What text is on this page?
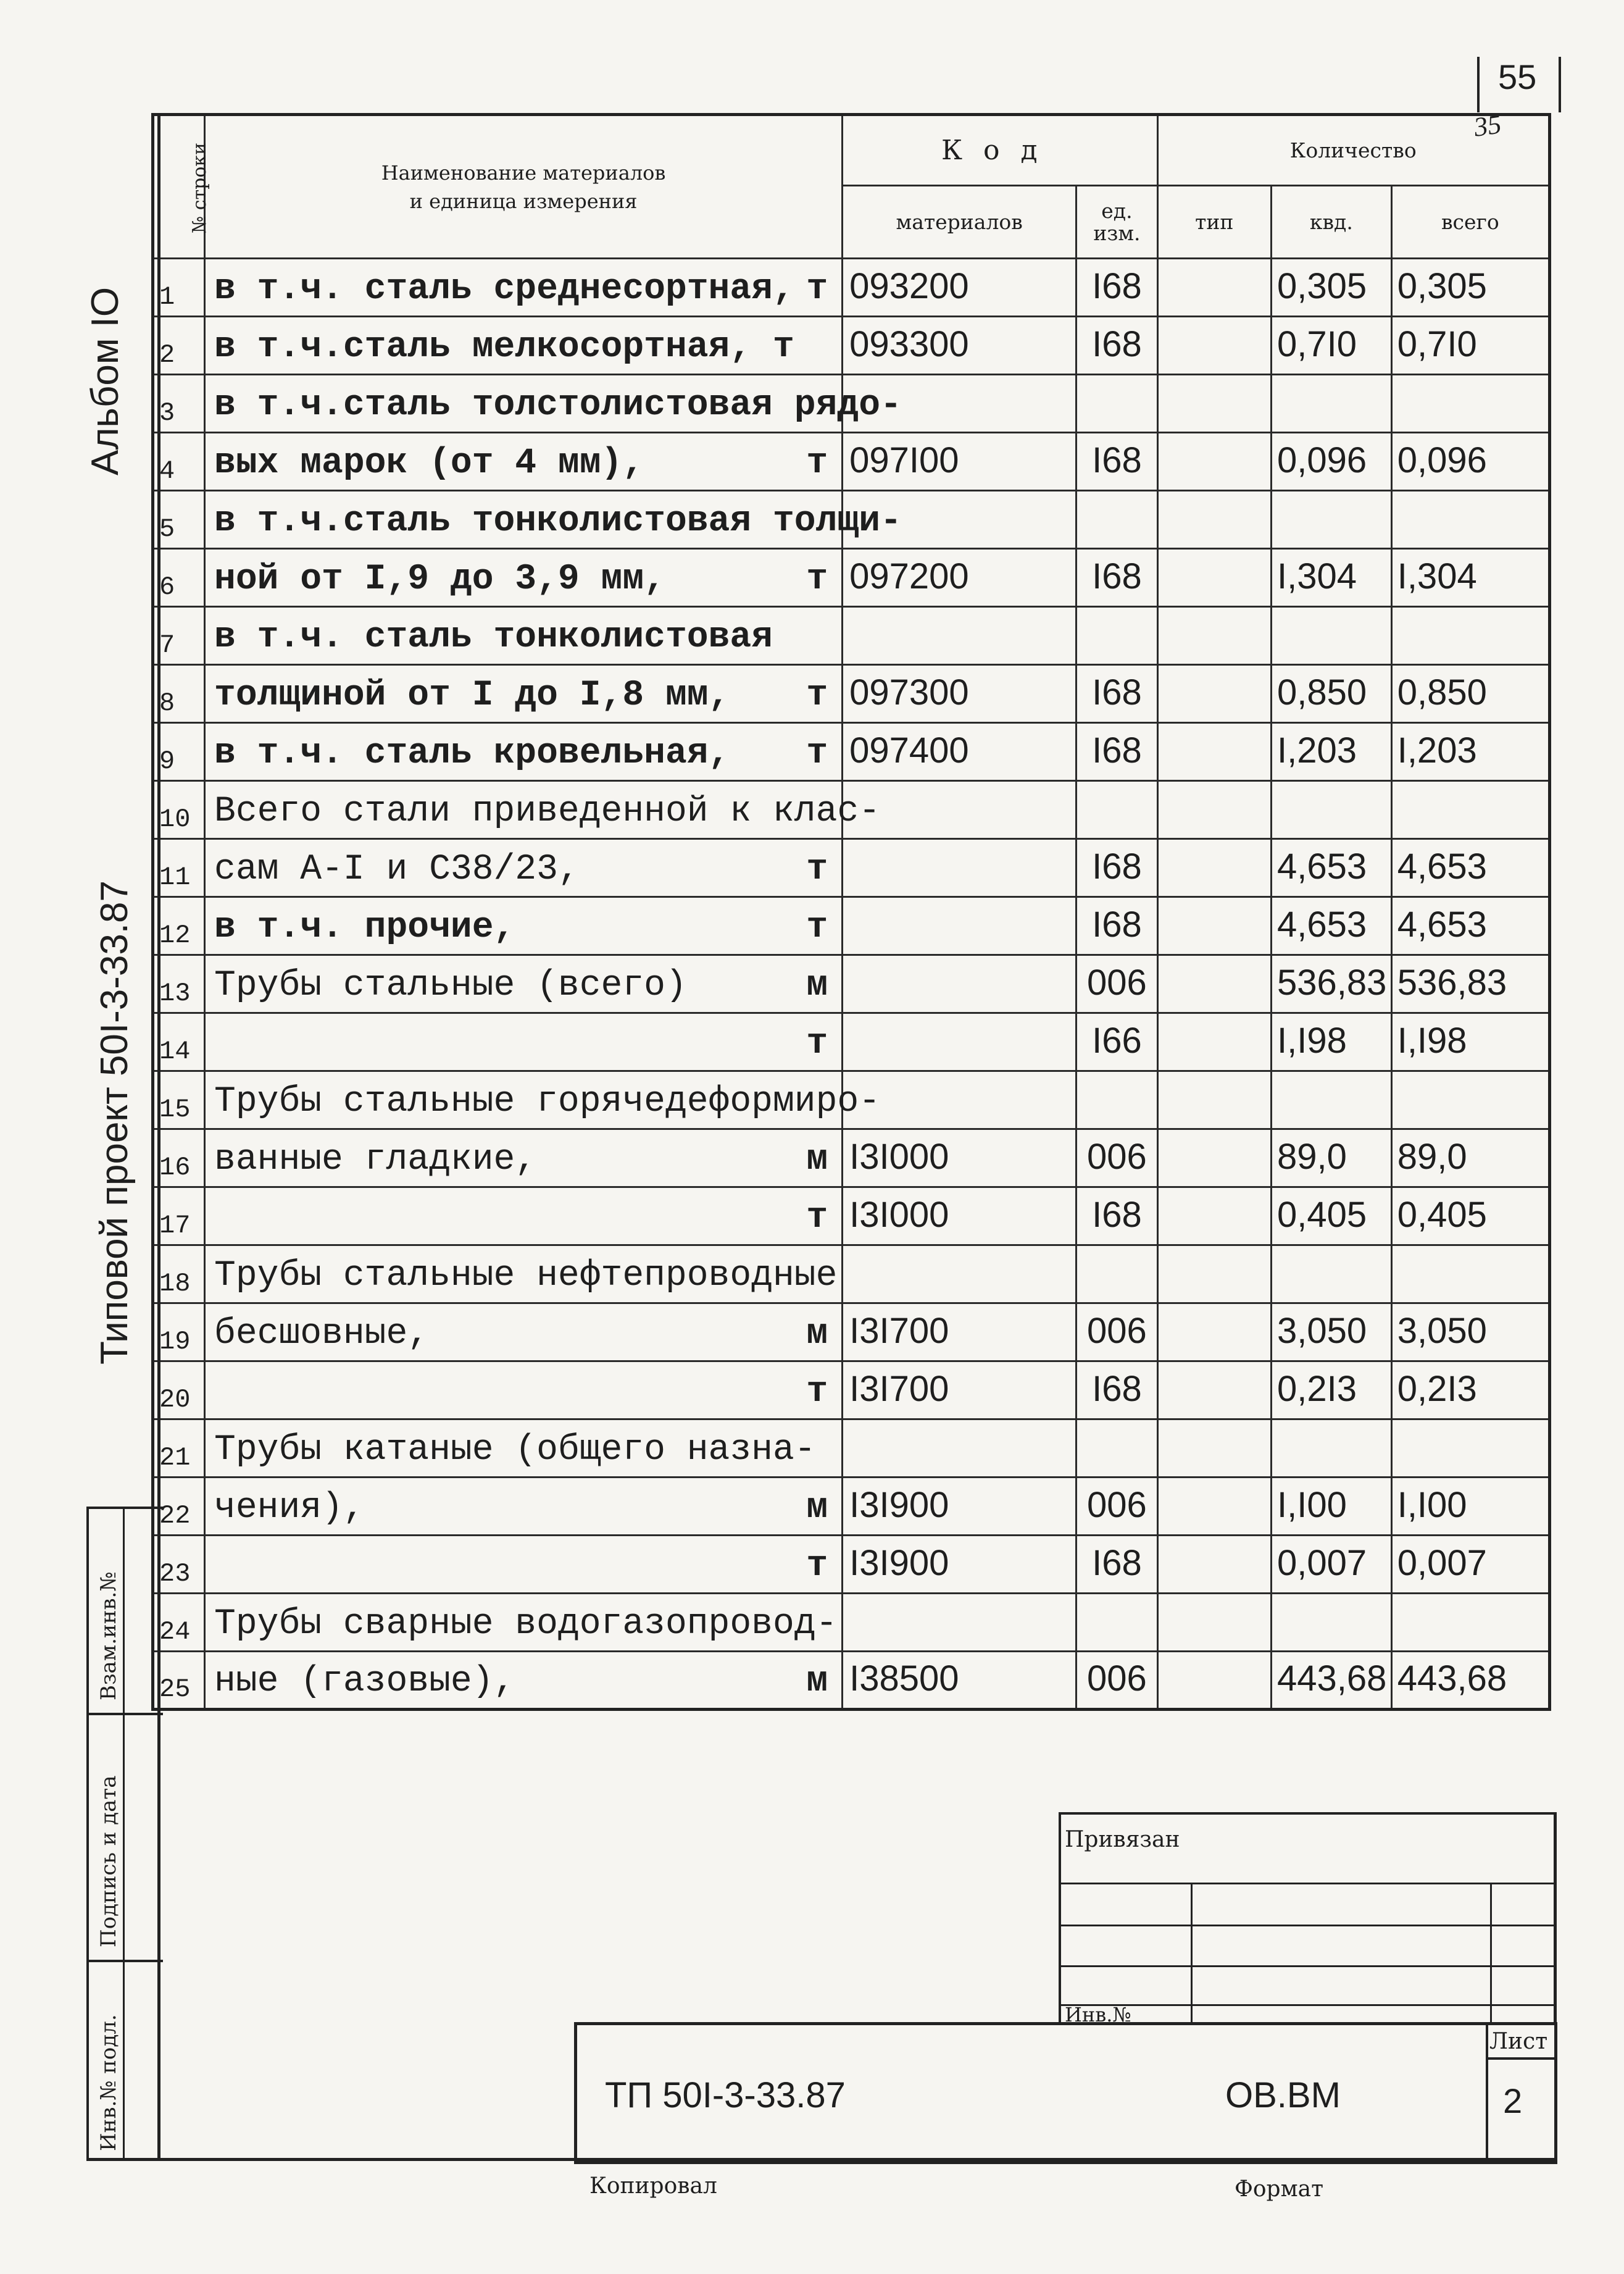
55
35
Альбом IO
Типовой проект 50I-3-33.87
Взам.инв.№
Подпись и дата
Инв.№ подл.
№ строки	Наименование материалов
и единица измерения	Код		Количество		
		материалов	ед. изм.	тип	квд.	всего
1	в т.ч. сталь среднесортная, т	093200	I68		0,305	0,305
2	в т.ч.сталь мелкосортная, т	093300	I68		0,7I0	0,7I0
3	в т.ч.сталь толстолистовая рядо-

4	вых марок (от 4 мм), т	097I00	I68		0,096	0,096
5	в т.ч.сталь тонколистовая толщи-

6	ной от I,9 до 3,9 мм, т	097200	I68		I,304	I,304
7	в т.ч. сталь тонколистовая

8	толщиной от I до I,8 мм, т	097300	I68		0,850	0,850
9	в т.ч. сталь кровельная, т	097400	I68		I,203	I,203
10	Всего стали приведенной к клас-

11	сам А-I и С38/23, т		I68		4,653	4,653
12	в т.ч. прочие, т		I68		4,653	4,653
13	Трубы стальные (всего) м		006		536,83	536,83
14	т		I66		I,I98	I,I98
15	Трубы стальные горячедеформиро-

16	ванные гладкие, м	I3I000	006		89,0	89,0
17	т	I3I000	I68		0,405	0,405
18	Трубы стальные нефтепроводные

19	бесшовные, м	I3I700	006		3,050	3,050
20	т	I3I700	I68		0,2I3	0,2I3
21	Трубы катаные (общего назна-

22	чения), м	I3I900	006		I,I00	I,I00
23	т	I3I900	I68		0,007	0,007
24	Трубы сварные водогазопровод-

25	ные (газовые), м	I38500	006		443,68	443,68
Привязан
Инв.№
ТП 50I-3-33.87	ОВ.ВМ
Лист
2
Копировал	Формат
